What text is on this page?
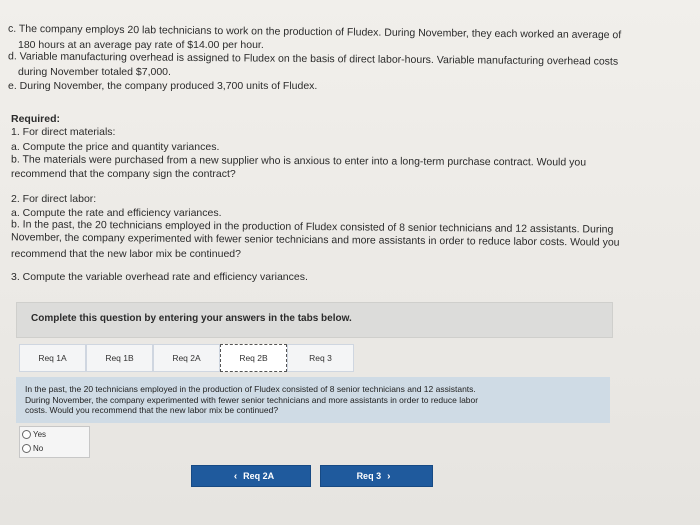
c. The company employs 20 lab technicians to work on the production of Fludex. During November, they each worked an average of
180 hours at an average pay rate of $14.00 per hour.
d. Variable manufacturing overhead is assigned to Fludex on the basis of direct labor-hours. Variable manufacturing overhead costs
during November totaled $7,000.
e. During November, the company produced 3,700 units of Fludex.
Required:
1. For direct materials:
a. Compute the price and quantity variances.
b. The materials were purchased from a new supplier who is anxious to enter into a long-term purchase contract. Would you
recommend that the company sign the contract?
2. For direct labor:
a. Compute the rate and efficiency variances.
b. In the past, the 20 technicians employed in the production of Fludex consisted of 8 senior technicians and 12 assistants. During
November, the company experimented with fewer senior technicians and more assistants in order to reduce labor costs. Would you
recommend that the new labor mix be continued?
3. Compute the variable overhead rate and efficiency variances.
Complete this question by entering your answers in the tabs below.
Req 1A	Req 1B	Req 2A	Req 2B	Req 3
In the past, the 20 technicians employed in the production of Fludex consisted of 8 senior technicians and 12 assistants.
During November, the company experimented with fewer senior technicians and more assistants in order to reduce labor
costs. Would you recommend that the new labor mix be continued?
Yes
No
‹ Req 2A	Req 3 ›
